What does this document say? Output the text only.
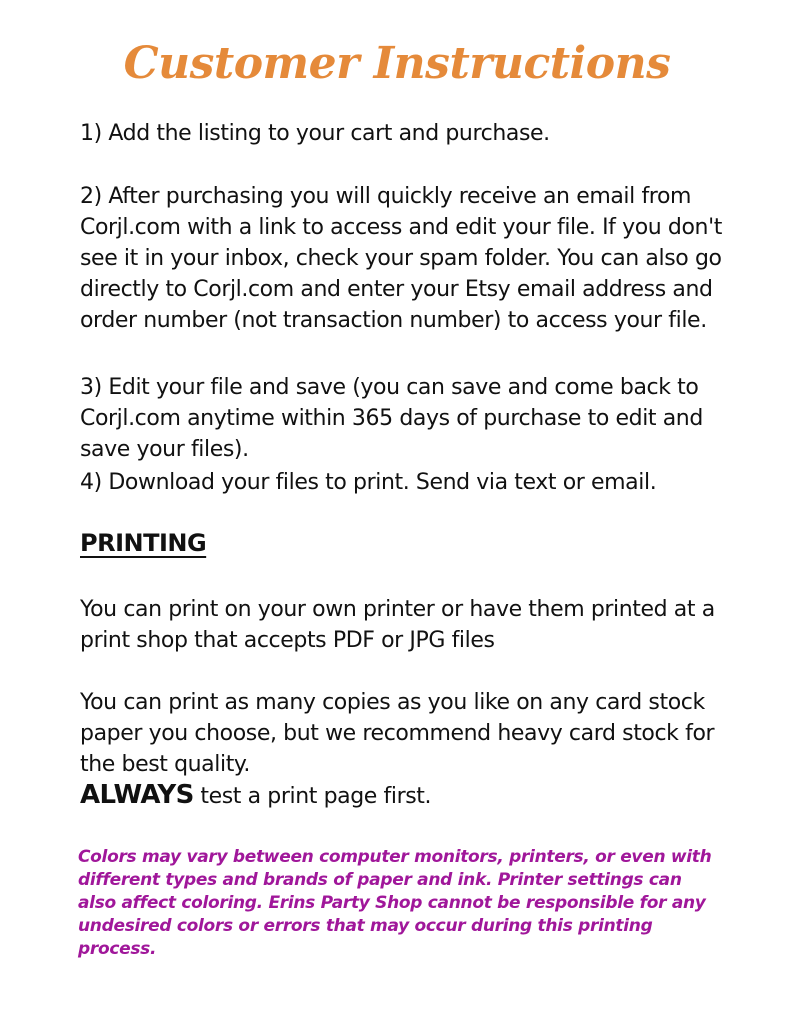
Customer Instructions

1) Add the listing to your cart and purchase.

2) After purchasing you will quickly receive an email from Corjl.com with a link to access and edit your file. If you don't see it in your inbox, check your spam folder. You can also go directly to Corjl.com and enter your Etsy email address and order number (not transaction number) to access your file.

3) Edit your file and save (you can save and come back to Corjl.com anytime within 365 days of purchase to edit and save your files).

4) Download your files to print. Send via text or email.

PRINTING

You can print on your own printer or have them printed at a print shop that accepts PDF or JPG files

You can print as many copies as you like on any card stock paper you choose, but we recommend heavy card stock for the best quality.

ALWAYS test a print page first.

Colors may vary between computer monitors, printers, or even with different types and brands of paper and ink. Printer settings can also affect coloring. Erins Party Shop cannot be responsible for any undesired colors or errors that may occur during this printing process.
